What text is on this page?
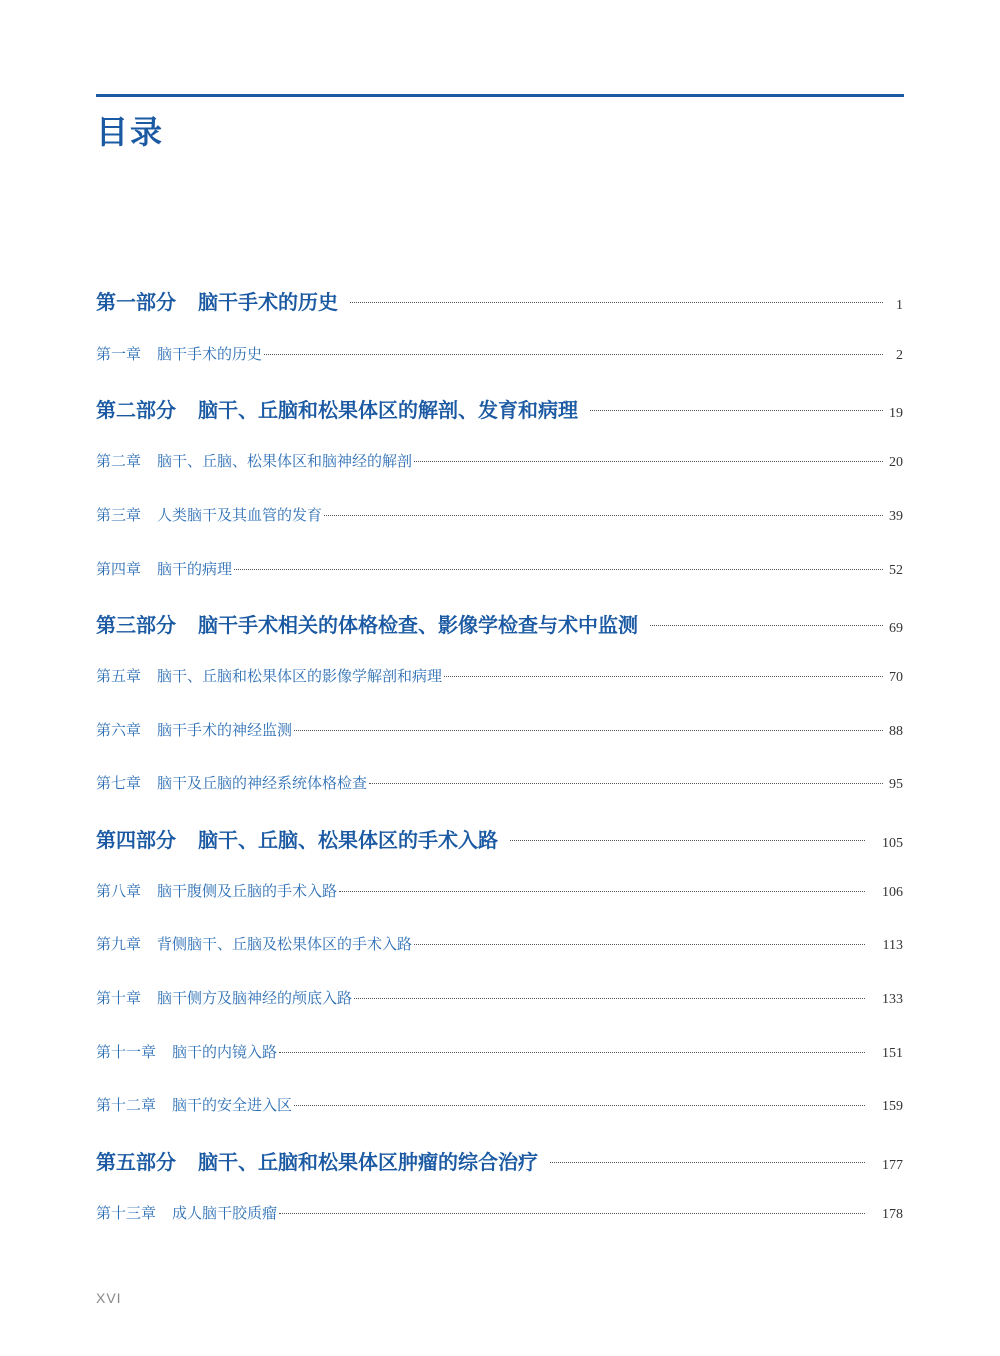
目录
第一部分 脑干手术的历史	1
第一章 脑干手术的历史	2
第二部分 脑干、丘脑和松果体区的解剖、发育和病理	19
第二章 脑干、丘脑、松果体区和脑神经的解剖	20
第三章 人类脑干及其血管的发育	39
第四章 脑干的病理	52
第三部分 脑干手术相关的体格检查、影像学检查与术中监测	69
第五章 脑干、丘脑和松果体区的影像学解剖和病理	70
第六章 脑干手术的神经监测	88
第七章 脑干及丘脑的神经系统体格检查	95
第四部分 脑干、丘脑、松果体区的手术入路	105
第八章 脑干腹侧及丘脑的手术入路	106
第九章 背侧脑干、丘脑及松果体区的手术入路	113
第十章 脑干侧方及脑神经的颅底入路	133
第十一章 脑干的内镜入路	151
第十二章 脑干的安全进入区	159
第五部分 脑干、丘脑和松果体区肿瘤的综合治疗	177
第十三章 成人脑干胶质瘤	178
XVI
